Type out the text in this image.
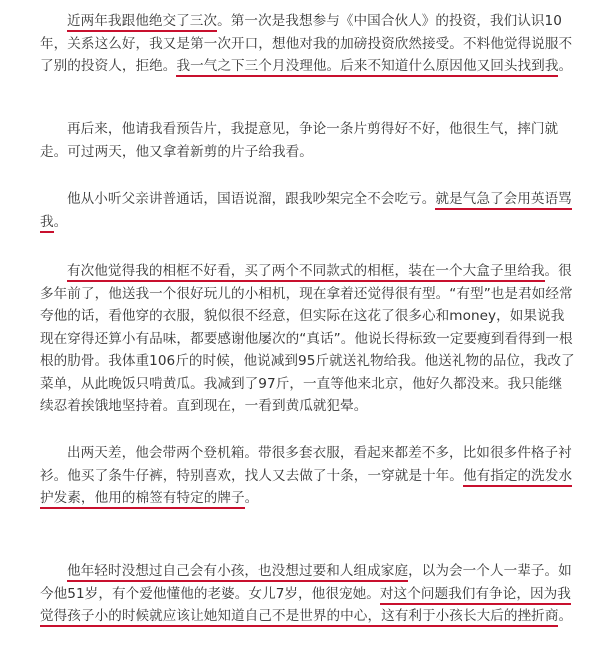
近两年我跟他绝交了三次。第一次是我想参与《中国合伙人》的投资，我们认识10年，关系这么好，我又是第一次开口，想他对我的加磅投资欣然接受。不料他觉得说服不了别的投资人，拒绝。我一气之下三个月没理他。后来不知道什么原因他又回头找到我。
再后来，他请我看预告片，我提意见，争论一条片剪得好不好，他很生气，摔门就走。可过两天，他又拿着新剪的片子给我看。
他从小听父亲讲普通话，国语说溜，跟我吵架完全不会吃亏。就是气急了会用英语骂我。
有次他觉得我的相框不好看，买了两个不同款式的相框，装在一个大盒子里给我。很多年前了，他送我一个很好玩儿的小相机，现在拿着还觉得很有型。“有型”也是君如经常夸他的话，看他穿的衣服，貌似很不经意，但实际在这花了很多心和money，如果说我现在穿得还算小有品味，都要感谢他屡次的“真话”。他说长得标致一定要瘦到看得到一根根的肋骨。我体重106斤的时候，他说减到95斤就送礼物给我。他送礼物的品位，我改了菜单，从此晚饭只啃黄瓜。我减到了97斤，一直等他来北京，他好久都没来。我只能继续忍着挨饿地坚持着。直到现在，一看到黄瓜就犯晕。
出两天差，他会带两个登机箱。带很多套衣服，看起来都差不多，比如很多件格子衬衫。他买了条牛仔裤，特别喜欢，找人又去做了十条，一穿就是十年。他有指定的洗发水护发素，他用的棉签有特定的牌子。
他年轻时没想过自己会有小孩，也没想过要和人组成家庭，以为会一个人一辈子。如今他51岁，有个爱他懂他的老婆。女儿7岁，他很宠她。对这个问题我们有争论，因为我觉得孩子小的时候就应该让她知道自己不是世界的中心，这有利于小孩长大后的挫折商。
